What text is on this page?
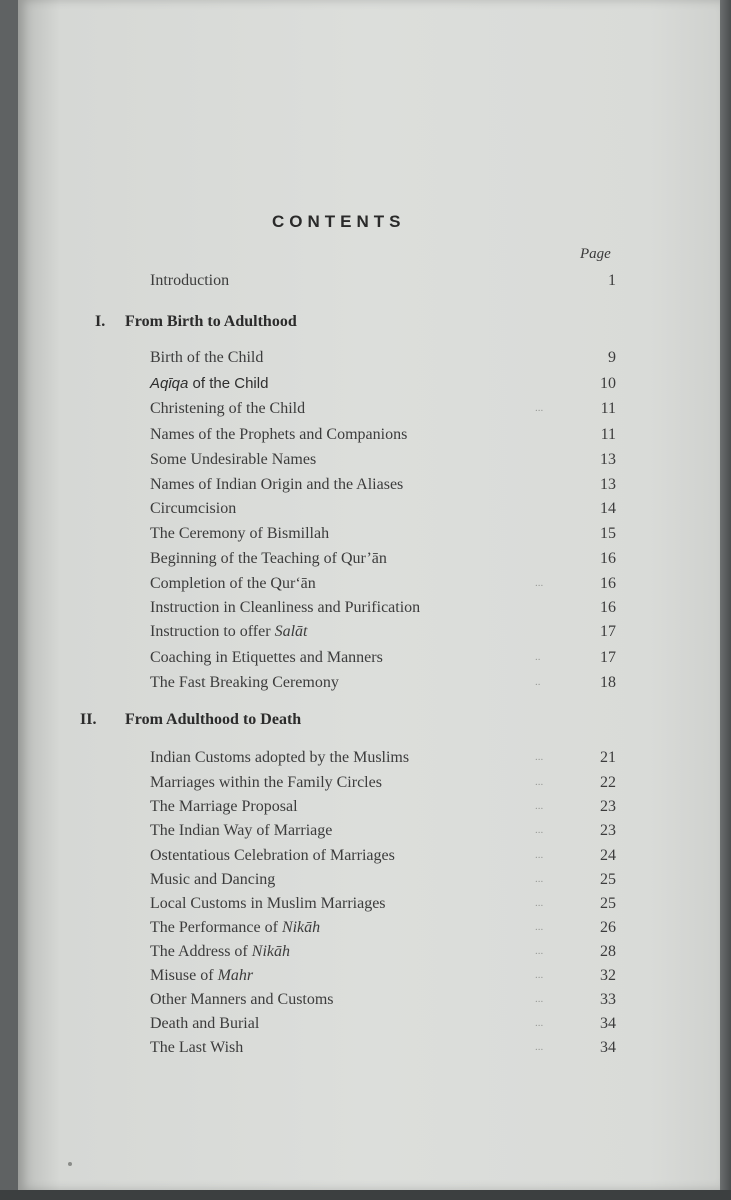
CONTENTS
Page
Introduction	1
I. From Birth to Adulthood
Birth of the Child	9
Aqīqa of the Child	10
Christening of the Child	...	11
Names of the Prophets and Companions	11
Some Undesirable Names	13
Names of Indian Origin and the Aliases	13
Circumcision	14
The Ceremony of Bismillah	15
Beginning of the Teaching of Qur’ān	16
Completion of the Qur‘ān	...	16
Instruction in Cleanliness and Purification	16
Instruction to offer Salāt	17
Coaching in Etiquettes and Manners	..	17
The Fast Breaking Ceremony	..	18
II. From Adulthood to Death
Indian Customs adopted by the Muslims	...	21
Marriages within the Family Circles	...	22
The Marriage Proposal	...	23
The Indian Way of Marriage	...	23
Ostentatious Celebration of Marriages	...	24
Music and Dancing	...	25
Local Customs in Muslim Marriages	...	25
The Performance of Nikāh	...	26
The Address of Nikāh	...	28
Misuse of Mahr	...	32
Other Manners and Customs	...	33
Death and Burial	...	34
The Last Wish	...	34
